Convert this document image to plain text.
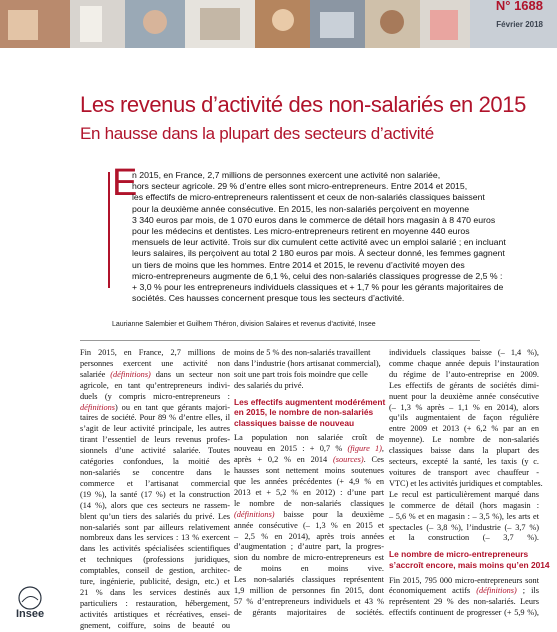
N° 1688
Février 2018
Les revenus d’activité des non-salariés en 2015
En hausse dans la plupart des secteurs d’activité
E
n 2015, en France, 2,7 millions de personnes exercent une activité non salariée,
hors secteur agricole. 29 % d’entre elles sont micro-entrepreneurs. Entre 2014 et 2015,
les effectifs de micro-entrepreneurs ralentissent et ceux de non-salariés classiques baissent
pour la deuxième année consécutive. En 2015, les non-salariés perçoivent en moyenne
3 340 euros par mois, de 1 070 euros dans le commerce de détail hors magasin à 8 470 euros
pour les médecins et dentistes. Les micro-entrepreneurs retirent en moyenne 440 euros
mensuels de leur activité. Trois sur dix cumulent cette activité avec un emploi salarié ; en incluant
leurs salaires, ils perçoivent au total 2 180 euros par mois. À secteur donné, les femmes gagnent
un tiers de moins que les hommes. Entre 2014 et 2015, le revenu d’activité moyen des
micro-entrepreneurs augmente de 6,1 %, celui des non-salariés classiques progresse de 2,5 % :
+ 3,0 % pour les entrepreneurs individuels classiques et + 1,7 % pour les gérants majoritaires de
sociétés. Ces hausses concernent presque tous les secteurs d’activité.
Laurianne Salembier et Guilhem Théron, division Salaires et revenus d’activité, Insee
Fin 2015, en France, 2,7 millions de
personnes exercent une activité non
salariée (définitions) dans un secteur non
agricole, en tant qu’entrepreneurs indivi-
duels (y compris micro-entrepreneurs :
définitions) ou en tant que gérants majori-
taires de société. Pour 89 % d’entre elles, il
s’agit de leur activité principale, les autres
tirant l’essentiel de leurs revenus profes-
sionnels d’une activité salariée. Toutes
catégories confondues, la moitié des
non-salariés se concentre dans le
commerce et l’artisanat commercial
(19 %), la santé (17 %) et la construction
(14 %), alors que ces secteurs ne rassem-
blent qu’un tiers des salariés du privé. Les
non-salariés sont par ailleurs relativement
nombreux dans les services : 13 % exercent
dans les activités spécialisées scientifiques
et techniques (professions juridiques,
comptables, conseil de gestion, architec-
ture, ingénierie, publicité, design, etc.) et
21 % dans les services destinés aux
particuliers : restauration, hébergement,
activités artistiques et récréatives, ensei-
gnement, coiffure, soins de beauté ou
moins de 5 % des non-salariés travaillent
dans l’industrie (hors artisanat commercial),
soit une part trois fois moindre que celle
des salariés du privé.
Les effectifs augmentent modérément
en 2015, le nombre de non-salariés
classiques baisse de nouveau
La population non salariée croît de
nouveau en 2015 : + 0,7 % (figure 1),
après + 0,2 % en 2014 (sources). Ces
hausses sont nettement moins soutenues
que les années précédentes (+ 4,9 % en
2013 et + 5,2 % en 2012) : d’une part
le nombre de non-salariés classiques
(définitions) baisse pour la deuxième
année consécutive (– 1,3 % en 2015 et
– 2,5 % en 2014), après trois années
d’augmentation ; d’autre part, la progres-
sion du nombre de micro-entrepreneurs est
de moins en moins vive.
Les non-salariés classiques représentent
1,9 million de personnes fin 2015, dont
57 % d’entrepreneurs individuels et 43 %
de gérants majoritaires de sociétés.
individuels classiques baisse (– 1,4 %),
comme chaque année depuis l’instauration
du régime de l’auto-entreprise en 2009.
Les effectifs de gérants de sociétés dimi-
nuent pour la deuxième année consécutive
(– 1,3 % après – 1,1 % en 2014), alors
qu’ils augmentaient de façon régulière
entre 2009 et 2013 (+ 6,2 % par an en
moyenne). Le nombre de non-salariés
classiques baisse dans la plupart des
secteurs, excepté la santé, les taxis (y c.
voitures de transport avec chauffeur -
VTC) et les activités juridiques et comptables.
Le recul est particulièrement marqué dans
le commerce de détail (hors magasin :
– 5,6 % et en magasin : – 3,5 %), les arts et
spectacles (– 3,8 %), l’industrie (– 3,7 %)
et la construction (– 3,7 %).
Le nombre de micro-entrepreneurs
s’accroît encore, mais moins qu’en 2014
Fin 2015, 795 000 micro-entrepreneurs sont
économiquement actifs (définitions) ; ils
représentent 29 % des non-salariés. Leurs
effectifs continuent de progresser (+ 5,9 %),
Insee
